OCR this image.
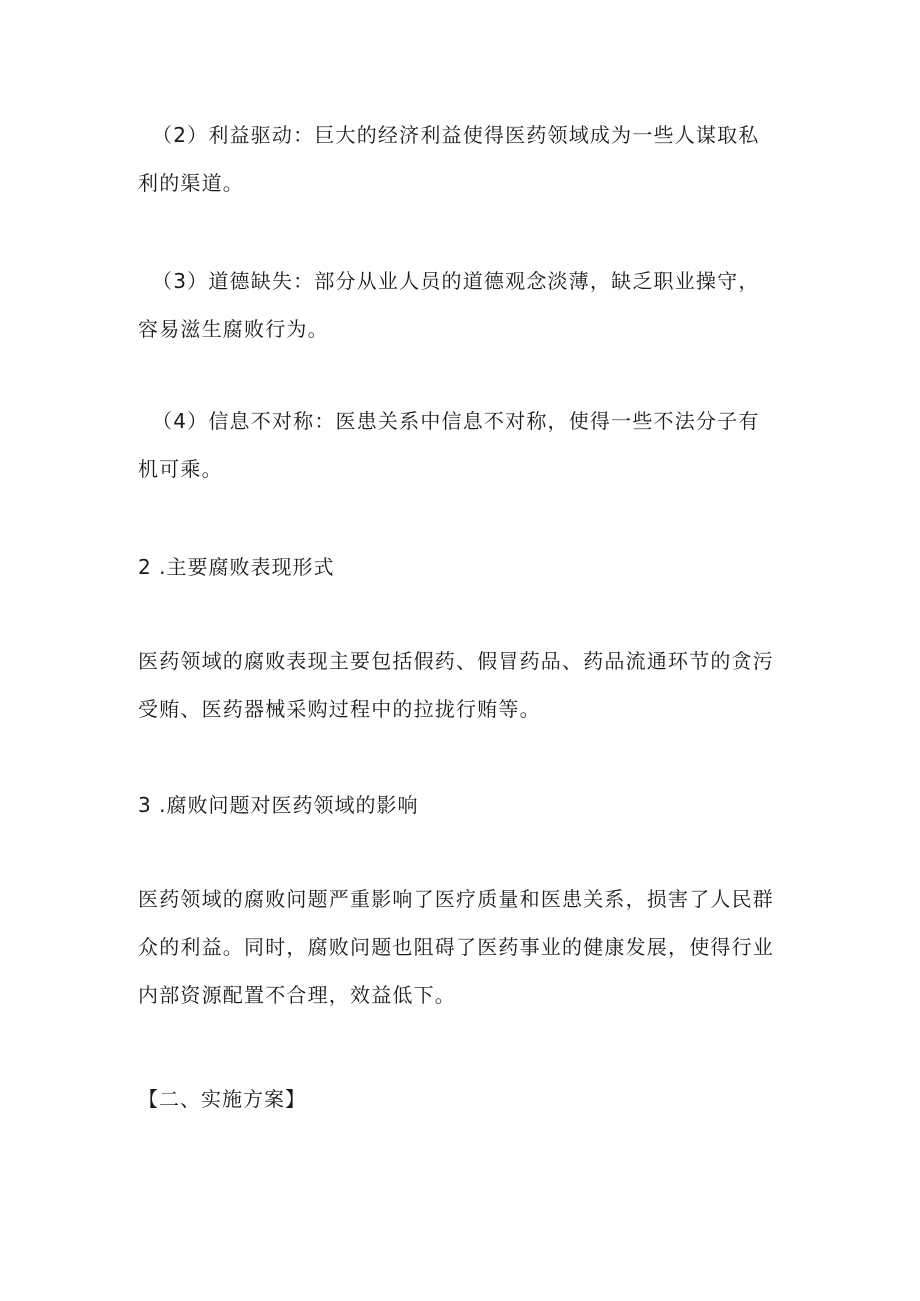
（2）利益驱动：巨大的经济利益使得医药领域成为一些人谋取私
利的渠道。
（3）道德缺失：部分从业人员的道德观念淡薄，缺乏职业操守，
容易滋生腐败行为。
（4）信息不对称：医患关系中信息不对称，使得一些不法分子有
机可乘。
2 .主要腐败表现形式
医药领域的腐败表现主要包括假药、假冒药品、药品流通环节的贪污
受贿、医药器械采购过程中的拉拢行贿等。
3 .腐败问题对医药领域的影响
医药领域的腐败问题严重影响了医疗质量和医患关系，损害了人民群
众的利益。同时，腐败问题也阻碍了医药事业的健康发展，使得行业
内部资源配置不合理，效益低下。
【二、实施方案】
